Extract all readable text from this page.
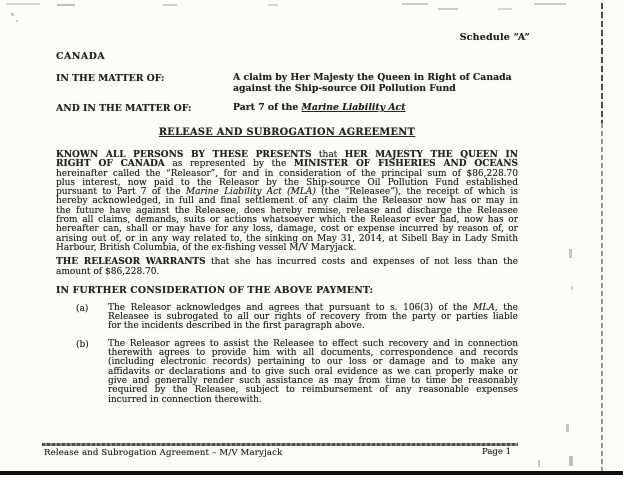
Schedule “A”
CANADA
IN THE MATTER OF:	A claim by Her Majesty the Queen in Right of Canada
against the Ship-source Oil Pollution Fund
AND IN THE MATTER OF:	Part 7 of the Marine Liability Act
RELEASE AND SUBROGATION AGREEMENT
KNOWN ALL PERSONS BY THESE PRESENTS that HER MAJESTY THE QUEEN IN
RIGHT OF CANADA as represented by the MINISTER OF FISHERIES AND OCEANS
hereinafter called the “Releasor”, for and in consideration of the principal sum of $86,228.70
plus interest, now paid to the Releasor by the Ship-source Oil Pollution Fund established
pursuant to Part 7 of the Marine Liability Act (MLA) (the “Releasee”), the receipt of which is
hereby acknowledged, in full and final settlement of any claim the Releasor now has or may in
the future have against the Releasee, does hereby remise, release and discharge the Releasee
from all claims, demands, suits or actions whatsoever which the Releasor ever had, now has or
hereafter can, shall or may have for any loss, damage, cost or expense incurred by reason of, or
arising out of, or in any way related to, the sinking on May 31, 2014, at Sibell Bay in Lady Smith
Harbour, British Columbia, of the ex-fishing vessel M/V Maryjack.
THE RELEASOR WARRANTS that she has incurred costs and expenses of not less than the
amount of $86,228.70.
IN FURTHER CONSIDERATION OF THE ABOVE PAYMENT:
(a)	The Releasor acknowledges and agrees that pursuant to s. 106(3) of the MLA, the
Releasee is subrogated to all our rights of recovery from the party or parties liable
for the incidents described in the first paragraph above.
(b)	The Releasor agrees to assist the Releasee to effect such recovery and in connection
therewith agrees to provide him with all documents, correspondence and records
(including electronic records) pertaining to our loss or damage and to make any
affidavits or declarations and to give such oral evidence as we can properly make or
give and generally render such assistance as may from time to time be reasonably
required by the Releasee, subject to reimbursement of any reasonable expenses
incurred in connection therewith.
Release and Subrogation Agreement – M/V Maryjack	Page 1
